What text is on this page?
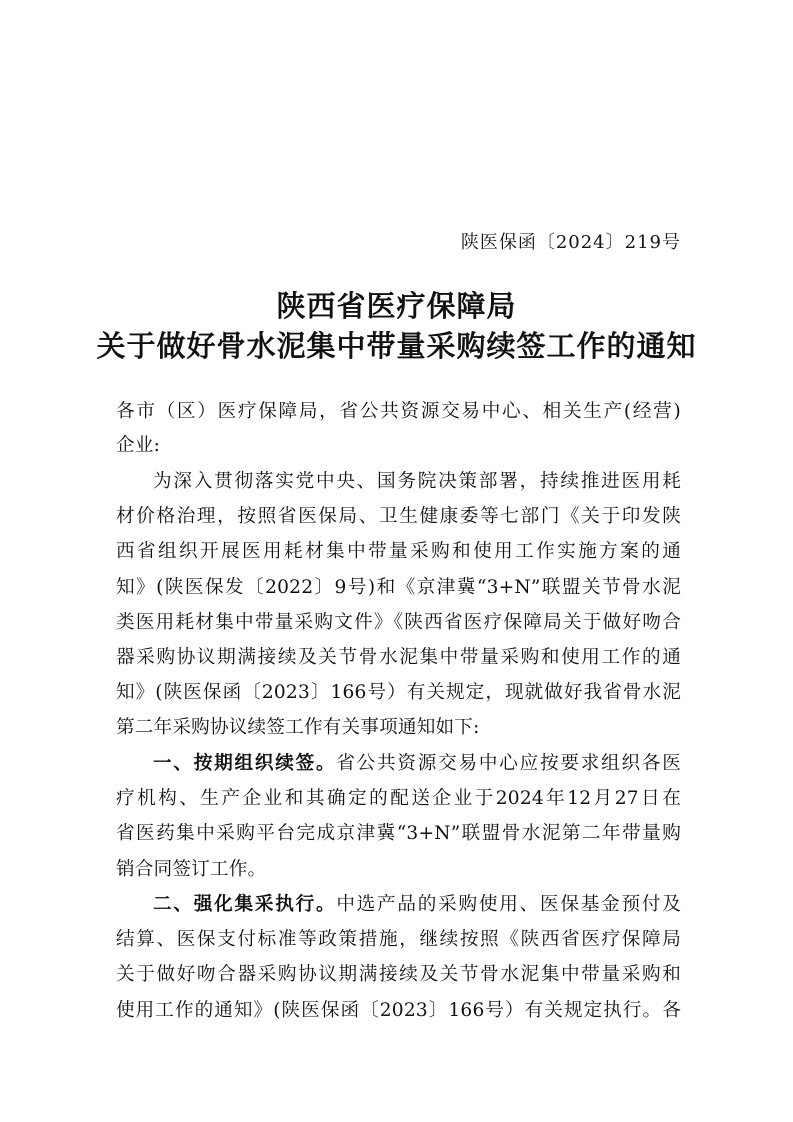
陕医保函〔2024〕219号
陕西省医疗保障局
关于做好骨水泥集中带量采购续签工作的通知
各市（区）医疗保障局，省公共资源交易中心、相关生产(经营)
企业:
为深入贯彻落实党中央、国务院决策部署，持续推进医用耗
材价格治理，按照省医保局、卫生健康委等七部门《关于印发陕
西省组织开展医用耗材集中带量采购和使用工作实施方案的通
知》(陕医保发〔2022〕9号)和《京津冀“3+N”联盟关节骨水泥
类医用耗材集中带量采购文件》《陕西省医疗保障局关于做好吻合
器采购协议期满接续及关节骨水泥集中带量采购和使用工作的通
知》(陕医保函〔2023〕166号）有关规定，现就做好我省骨水泥
第二年采购协议续签工作有关事项通知如下:
一、按期组织续签。省公共资源交易中心应按要求组织各医
疗机构、生产企业和其确定的配送企业于2024年12月27日在
省医药集中采购平台完成京津冀“3+N”联盟骨水泥第二年带量购
销合同签订工作。
二、强化集采执行。中选产品的采购使用、医保基金预付及
结算、医保支付标准等政策措施，继续按照《陕西省医疗保障局
关于做好吻合器采购协议期满接续及关节骨水泥集中带量采购和
使用工作的通知》(陕医保函〔2023〕166号）有关规定执行。各
